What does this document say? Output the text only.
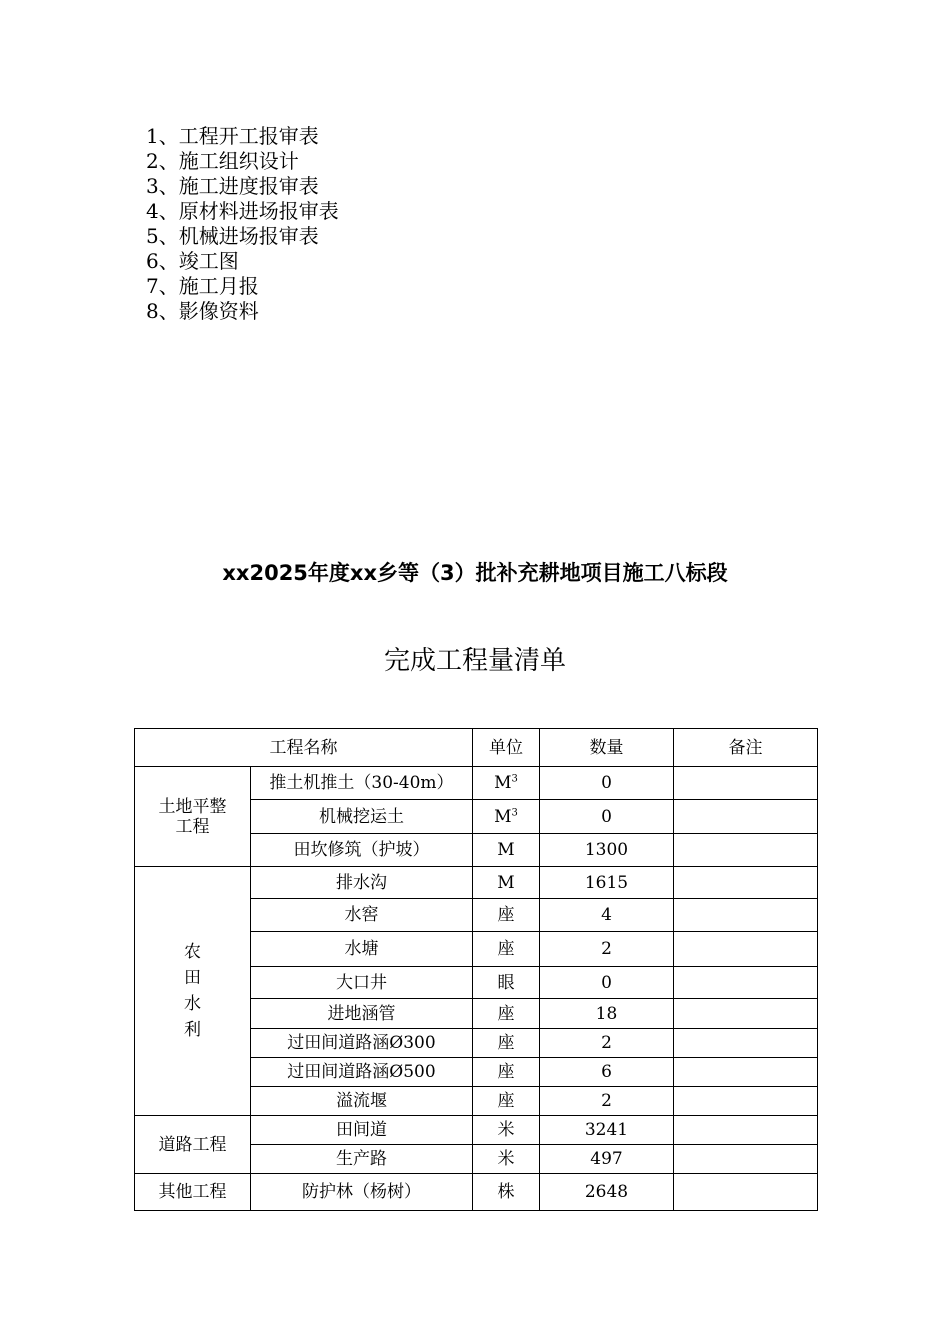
1、工程开工报审表
2、施工组织设计
3、施工进度报审表
4、原材料进场报审表
5、机械进场报审表
6、竣工图
7、施工月报
8、影像资料
xx2025年度xx乡等（3）批补充耕地项目施工八标段
完成工程量清单
工程名称		单位	数量	备注
土地平整
工程	推土机推土（30-40m）	$M^3$	0	
	机械挖运土	$M^3$	0	
	田坎修筑（护坡）	M	1300	
农
田
水
利	排水沟	M	1615	
	水窖	座	4	
	水塘	座	2	
	大口井	眼	0	
	进地涵管	座	18	
	过田间道路涵Ø300	座	2	
	过田间道路涵Ø500	座	6	
	溢流堰	座	2	
道路工程	田间道	米	3241	
	生产路	米	497	
其他工程	防护林（杨树）	株	2648	
